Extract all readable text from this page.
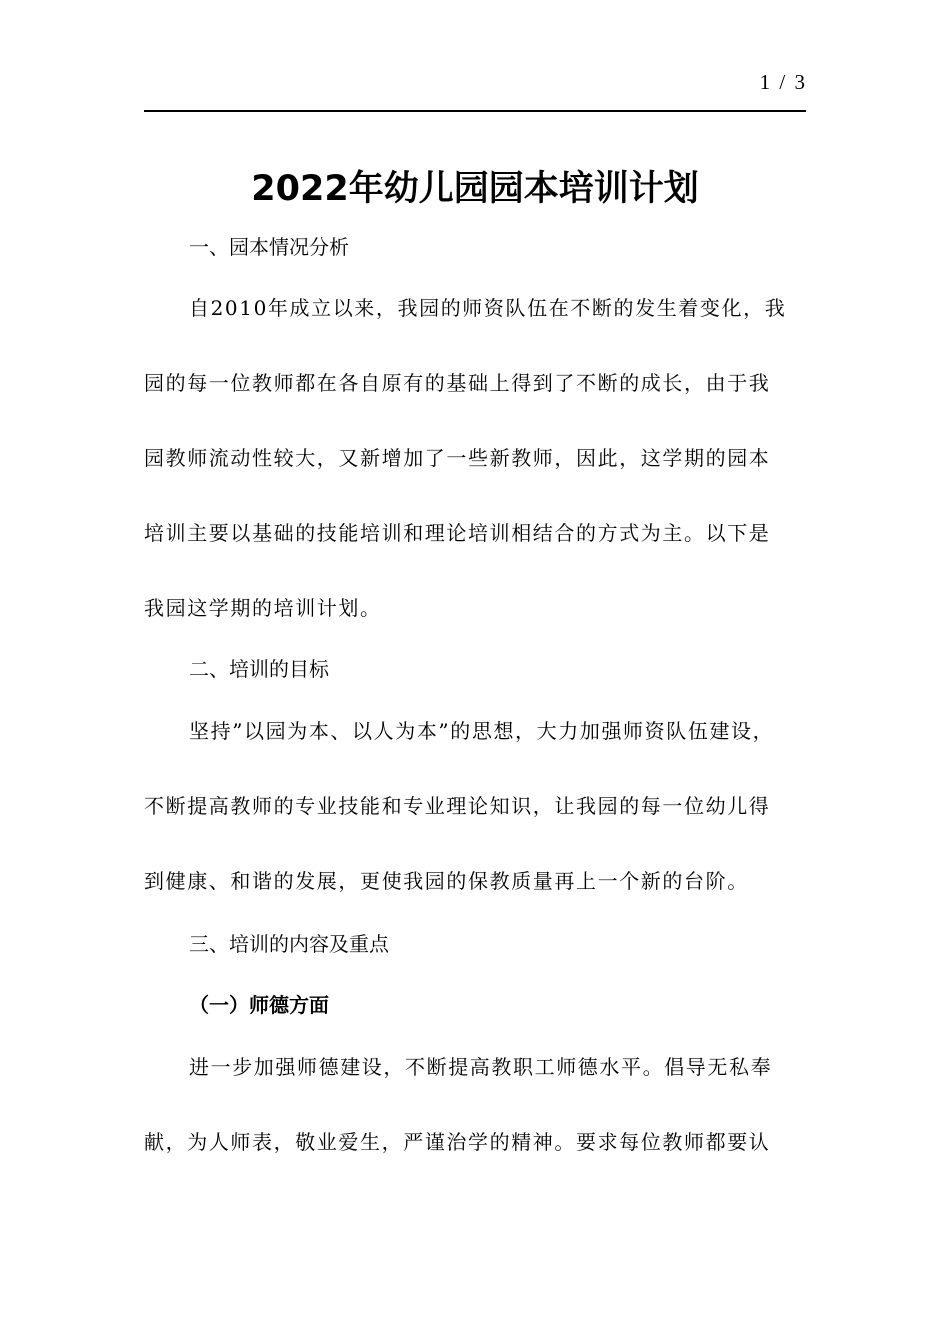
1 / 3
2022年幼儿园园本培训计划
一、园本情况分析
自2010年成立以来，我园的师资队伍在不断的发生着变化，我
园的每一位教师都在各自原有的基础上得到了不断的成长，由于我
园教师流动性较大，又新增加了一些新教师，因此，这学期的园本
培训主要以基础的技能培训和理论培训相结合的方式为主。以下是
我园这学期的培训计划。
二、培训的目标
坚持”以园为本、以人为本”的思想，大力加强师资队伍建设，
不断提高教师的专业技能和专业理论知识，让我园的每一位幼儿得
到健康、和谐的发展，更使我园的保教质量再上一个新的台阶。
三、培训的内容及重点
（一）师德方面
进一步加强师德建设，不断提高教职工师德水平。倡导无私奉
献，为人师表，敬业爱生，严谨治学的精神。要求每位教师都要认
